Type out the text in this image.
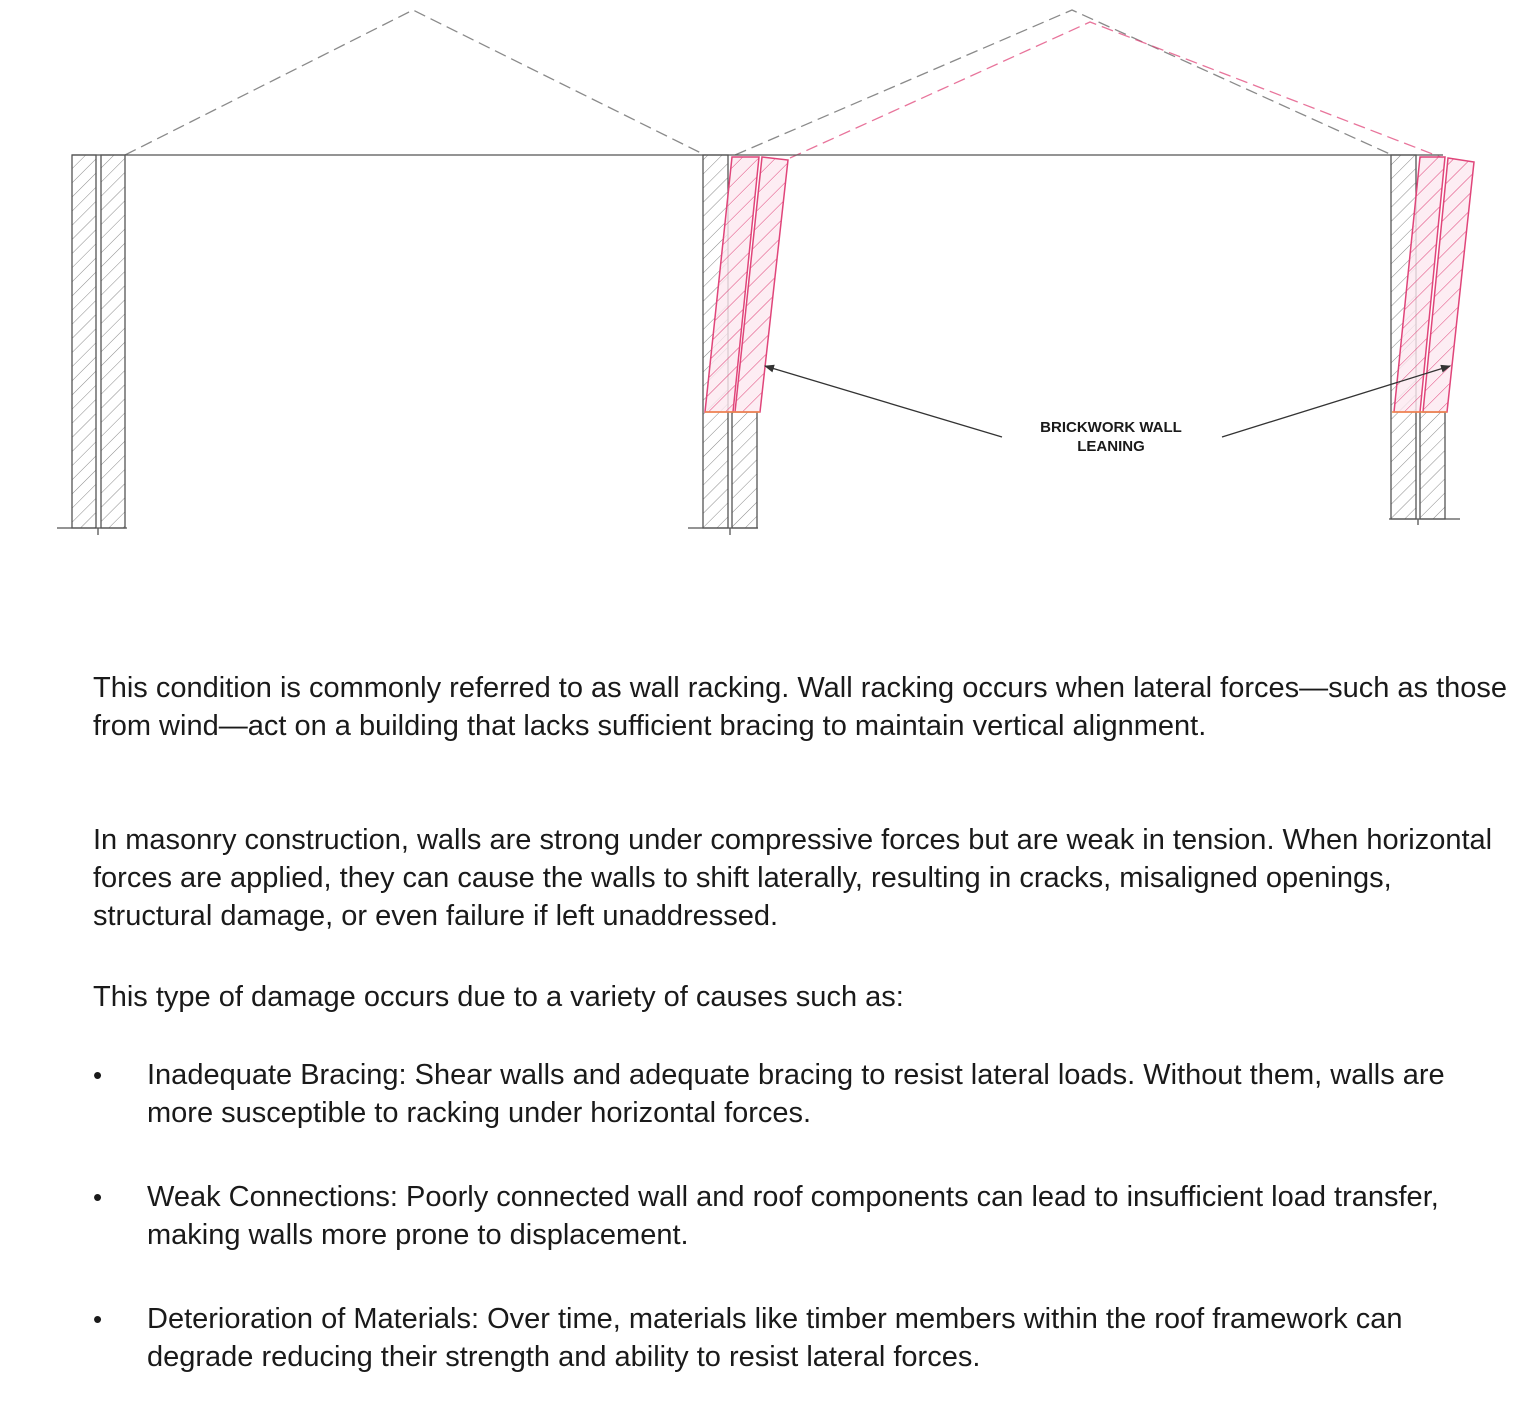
BRICKWORK WALL
LEANING

This condition is commonly referred to as wall racking. Wall racking occurs when lateral forces—such as those from wind—act on a building that lacks sufficient bracing to maintain vertical alignment.

In masonry construction, walls are strong under compressive forces but are weak in tension. When horizontal forces are applied, they can cause the walls to shift laterally, resulting in cracks, misaligned openings, structural damage, or even failure if left unaddressed.

This type of damage occurs due to a variety of causes such as:

•	Inadequate Bracing: Shear walls and adequate bracing to resist lateral loads. Without them, walls are more susceptible to racking under horizontal forces.
•	Weak Connections: Poorly connected wall and roof components can lead to insufficient load transfer, making walls more prone to displacement.
•	Deterioration of Materials: Over time, materials like timber members within the roof framework can degrade reducing their strength and ability to resist lateral forces.
